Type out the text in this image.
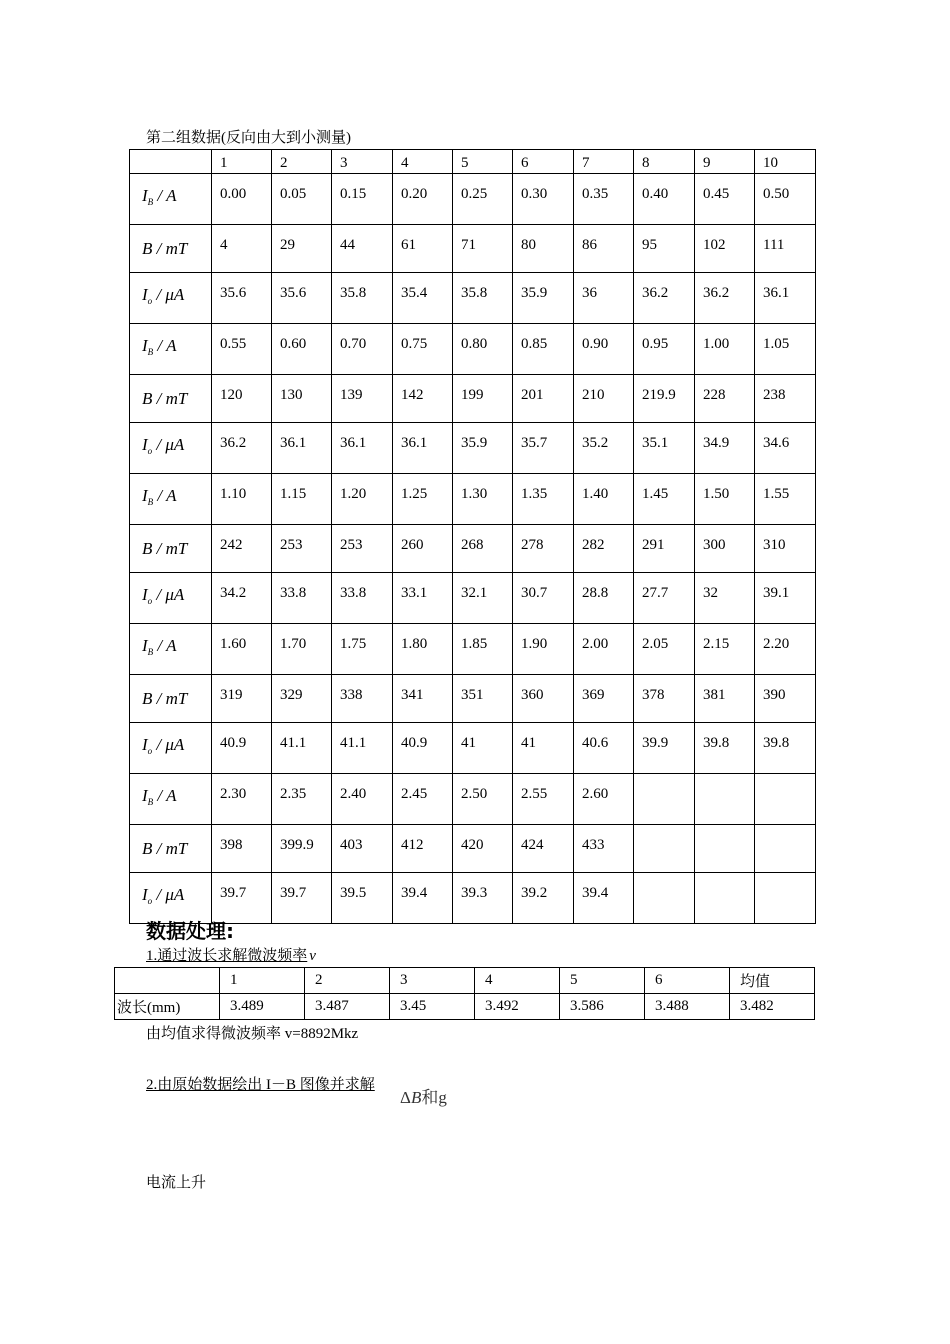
第二组数据(反向由大到小测量)
	1	2	3	4	5	6	7	8	9	10
$I_B$ / A	0.00	0.05	0.15	0.20	0.25	0.30	0.35	0.40	0.45	0.50
B / mT	4	29	44	61	71	80	86	95	102	111
$I_o$ / μA	35.6	35.6	35.8	35.4	35.8	35.9	36	36.2	36.2	36.1
$I_B$ / A	0.55	0.60	0.70	0.75	0.80	0.85	0.90	0.95	1.00	1.05
B / mT	120	130	139	142	199	201	210	219.9	228	238
$I_o$ / μA	36.2	36.1	36.1	36.1	35.9	35.7	35.2	35.1	34.9	34.6
$I_B$ / A	1.10	1.15	1.20	1.25	1.30	1.35	1.40	1.45	1.50	1.55
B / mT	242	253	253	260	268	278	282	291	300	310
$I_o$ / μA	34.2	33.8	33.8	33.1	32.1	30.7	28.8	27.7	32	39.1
$I_B$ / A	1.60	1.70	1.75	1.80	1.85	1.90	2.00	2.05	2.15	2.20
B / mT	319	329	338	341	351	360	369	378	381	390
$I_o$ / μA	40.9	41.1	41.1	40.9	41	41	40.6	39.9	39.8	39.8
$I_B$ / A	2.30	2.35	2.40	2.45	2.50	2.55	2.60			
B / mT	398	399.9	403	412	420	424	433			
$I_o$ / μA	39.7	39.7	39.5	39.4	39.3	39.2	39.4			
数据处理:
1.通过波长求解微波频率 ν
	1	2	3	4	5	6	均值
波长(mm)	3.489	3.487	3.45	3.492	3.586	3.488	3.482
由均值求得微波频率 v=8892Mkz
2.由原始数据绘出 I－B 图像并求解
ΔB和g
电流上升
